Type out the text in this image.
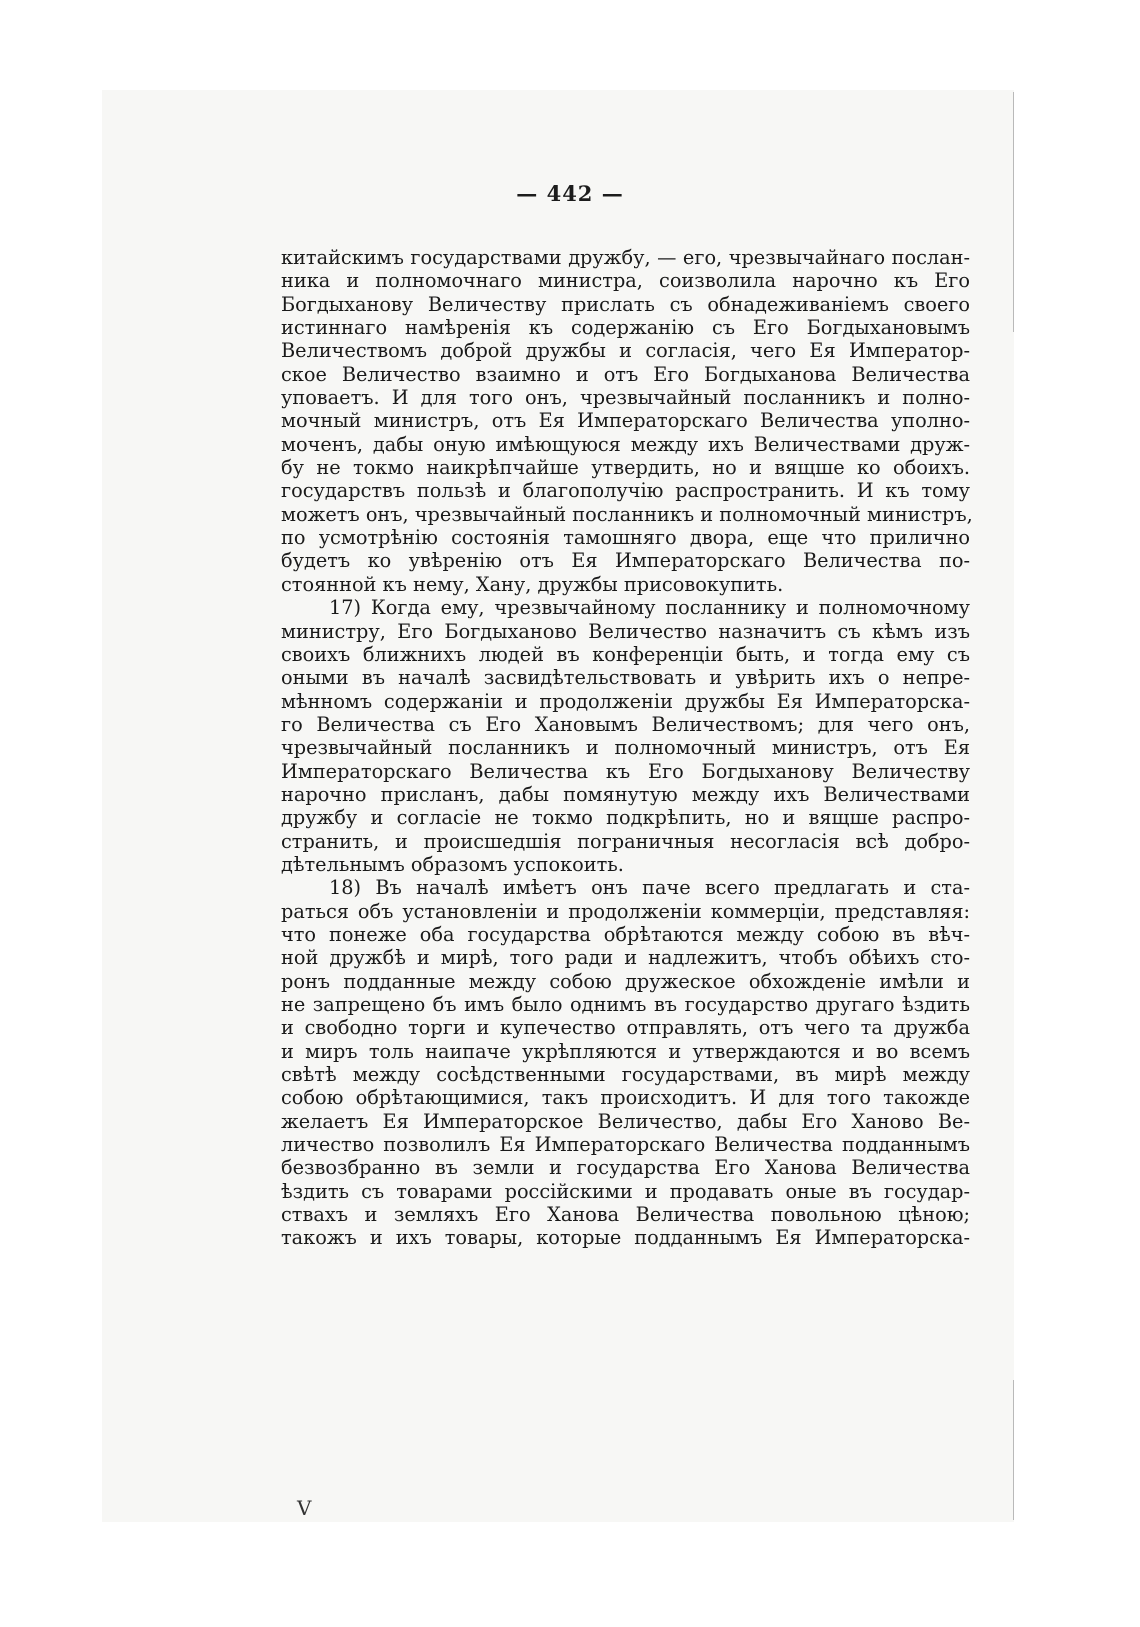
— 442 —
китайскимъ государствами дружбу, — его, чрезвычайнаго послан-
ника и полномочнаго министра, соизволила нарочно къ Его
Богдыханову Величеству прислать съ обнадеживаніемъ своего
истиннаго намѣренія къ содержанію съ Его Богдыхановымъ
Величествомъ доброй дружбы и согласія, чего Ея Император-
ское Величество взаимно и отъ Его Богдыханова Величества
уповаетъ. И для того онъ, чрезвычайный посланникъ и полно-
мочный министръ, отъ Ея Императорскаго Величества уполно-
моченъ, дабы оную имѣющуюся между ихъ Величествами друж-
бу не токмо наикрѣпчайше утвердить, но и вящше ко обоихъ.
государствъ пользѣ и благополучію распространить. И къ тому
можетъ онъ, чрезвычайный посланникъ и полномочный министръ,
по усмотрѣнію состоянія тамошняго двора, еще что прилично
будетъ ко увѣренію отъ Ея Императорскаго Величества по-
стоянной къ нему, Хану, дружбы присовокупить.
17) Когда ему, чрезвычайному посланнику и полномочному
министру, Его Богдыханово Величество назначитъ съ кѣмъ изъ
своихъ ближнихъ людей въ конференціи быть, и тогда ему съ
оными въ началѣ засвидѣтельствовать и увѣрить ихъ о непре-
мѣнномъ содержаніи и продолженіи дружбы Ея Императорска-
го Величества съ Его Хановымъ Величествомъ; для чего онъ,
чрезвычайный посланникъ и полномочный министръ, отъ Ея
Императорскаго Величества къ Его Богдыханову Величеству
нарочно присланъ, дабы помянутую между ихъ Величествами
дружбу и согласіе не токмо подкрѣпить, но и вящше распро-
странить, и происшедшія пограничныя несогласія всѣ добро-
дѣтельнымъ образомъ успокоить.
18) Въ началѣ имѣетъ онъ паче всего предлагать и ста-
раться объ установленіи и продолженіи коммерціи, представляя:
что понеже оба государства обрѣтаются между собою въ вѣч-
ной дружбѣ и мирѣ, того ради и надлежитъ, чтобъ обѣихъ сто-
ронъ подданные между собою дружеское обхожденіе имѣли и
не запрещено бъ имъ было однимъ въ государство другаго ѣздить
и свободно торги и купечество отправлять, отъ чего та дружба
и миръ толь наипаче укрѣпляются и утверждаются и во всемъ
свѣтѣ между сосѣдственными государствами, въ мирѣ между
собою обрѣтающимися, такъ происходитъ. И для того такожде
желаетъ Ея Императорское Величество, дабы Его Ханово Ве-
личество позволилъ Ея Императорскаго Величества подданнымъ
безвозбранно въ земли и государства Его Ханова Величества
ѣздить съ товарами россійскими и продавать оные въ государ-
ствахъ и земляхъ Его Ханова Величества повольною цѣною;
такожъ и ихъ товары, которые подданнымъ Ея Императорска-
V
